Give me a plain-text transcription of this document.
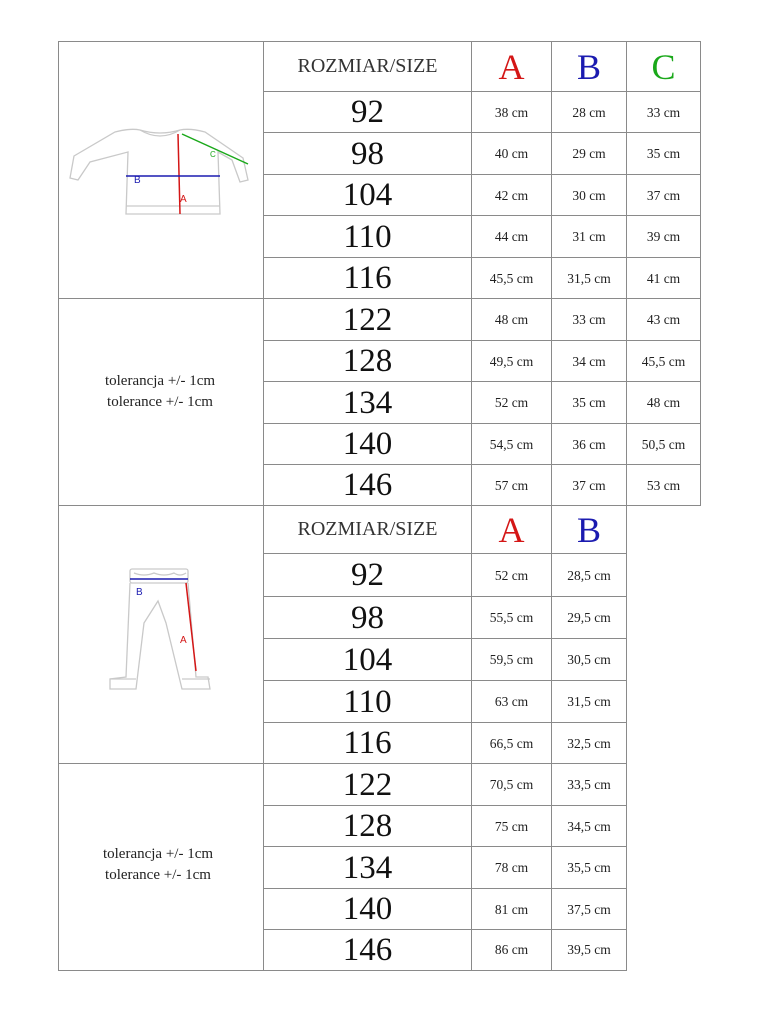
ROZMIAR/SIZE	A	B	C
92	38 cm	28 cm	33 cm
98	40 cm	29 cm	35 cm
104	42 cm	30 cm	37 cm
110	44 cm	31 cm	39 cm
116	45,5 cm	31,5 cm	41 cm
122	48 cm	33 cm	43 cm
128	49,5 cm	34 cm	45,5 cm
134	52 cm	35 cm	48 cm
140	54,5 cm	36 cm	50,5 cm
146	57 cm	37 cm	53 cm
A
B
C
tolerancja +/- 1cm
tolerance +/- 1cm
ROZMIAR/SIZE	A	B
92	52 cm	28,5 cm
98	55,5 cm	29,5 cm
104	59,5 cm	30,5 cm
110	63 cm	31,5 cm
116	66,5 cm	32,5 cm
122	70,5 cm	33,5 cm
128	75 cm	34,5 cm
134	78 cm	35,5 cm
140	81 cm	37,5 cm
146	86 cm	39,5 cm
A
B
tolerancja +/- 1cm
tolerance +/- 1cm
